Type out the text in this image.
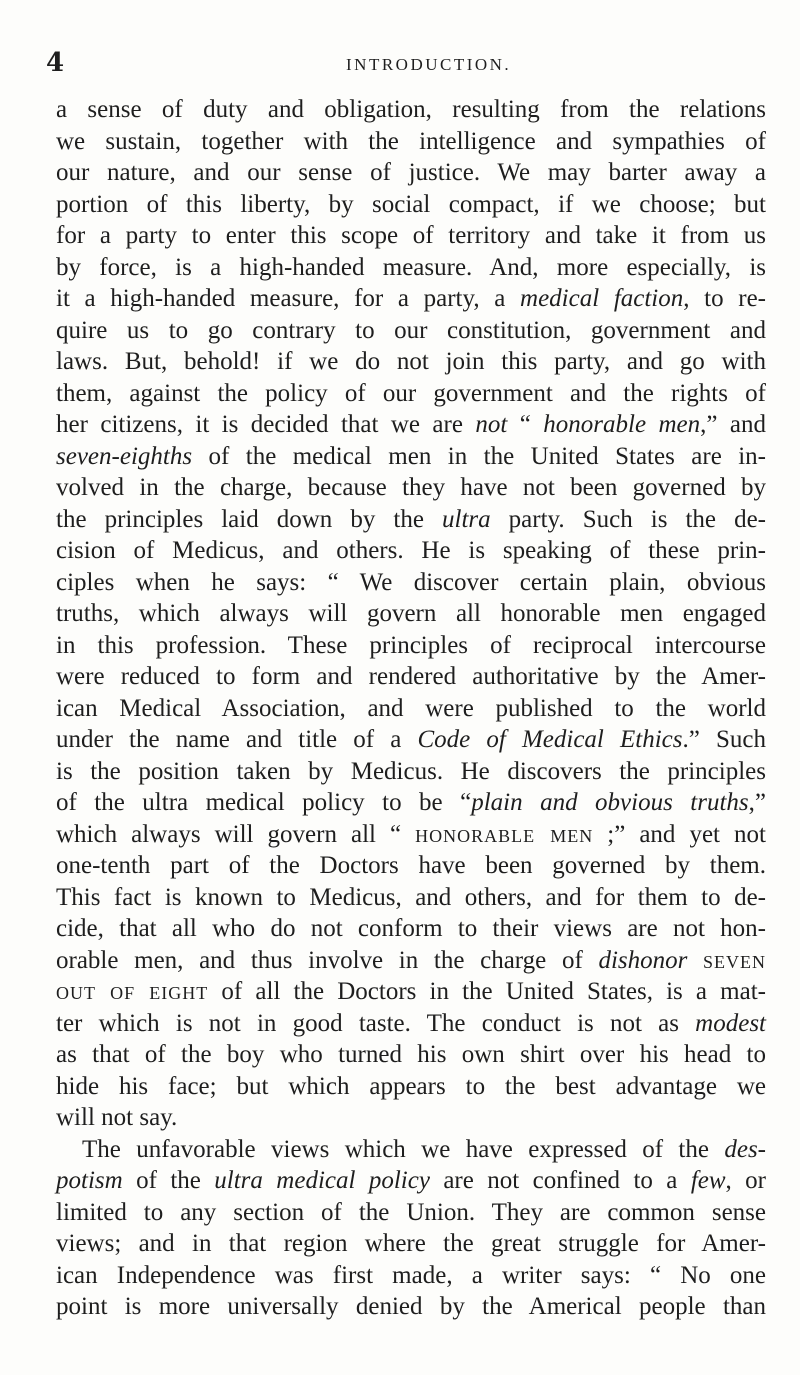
4	INTRODUCTION.
a sense of duty and obligation, resulting from the relations
we sustain, together with the intelligence and sympathies of
our nature, and our sense of justice. We may barter away a
portion of this liberty, by social compact, if we choose; but
for a party to enter this scope of territory and take it from us
by force, is a high-handed measure. And, more especially, is
it a high-handed measure, for a party, a medical faction, to re-
quire us to go contrary to our constitution, government and
laws. But, behold! if we do not join this party, and go with
them, against the policy of our government and the rights of
her citizens, it is decided that we are not “ honorable men,” and
seven-eighths of the medical men in the United States are in-
volved in the charge, because they have not been governed by
the principles laid down by the ultra party. Such is the de-
cision of Medicus, and others. He is speaking of these prin-
ciples when he says: “ We discover certain plain, obvious
truths, which always will govern all honorable men engaged
in this profession. These principles of reciprocal intercourse
were reduced to form and rendered authoritative by the Amer-
ican Medical Association, and were published to the world
under the name and title of a Code of Medical Ethics.” Such
is the position taken by Medicus. He discovers the principles
of the ultra medical policy to be “plain and obvious truths,”
which always will govern all “ honorable men ;” and yet not
one-tenth part of the Doctors have been governed by them.
This fact is known to Medicus, and others, and for them to de-
cide, that all who do not conform to their views are not hon-
orable men, and thus involve in the charge of dishonor seven
out of eight of all the Doctors in the United States, is a mat-
ter which is not in good taste. The conduct is not as modest
as that of the boy who turned his own shirt over his head to
hide his face; but which appears to the best advantage we
will not say.
The unfavorable views which we have expressed of the des-
potism of the ultra medical policy are not confined to a few, or
limited to any section of the Union. They are common sense
views; and in that region where the great struggle for Amer-
ican Independence was first made, a writer says: “ No one
point is more universally denied by the Americal people than
